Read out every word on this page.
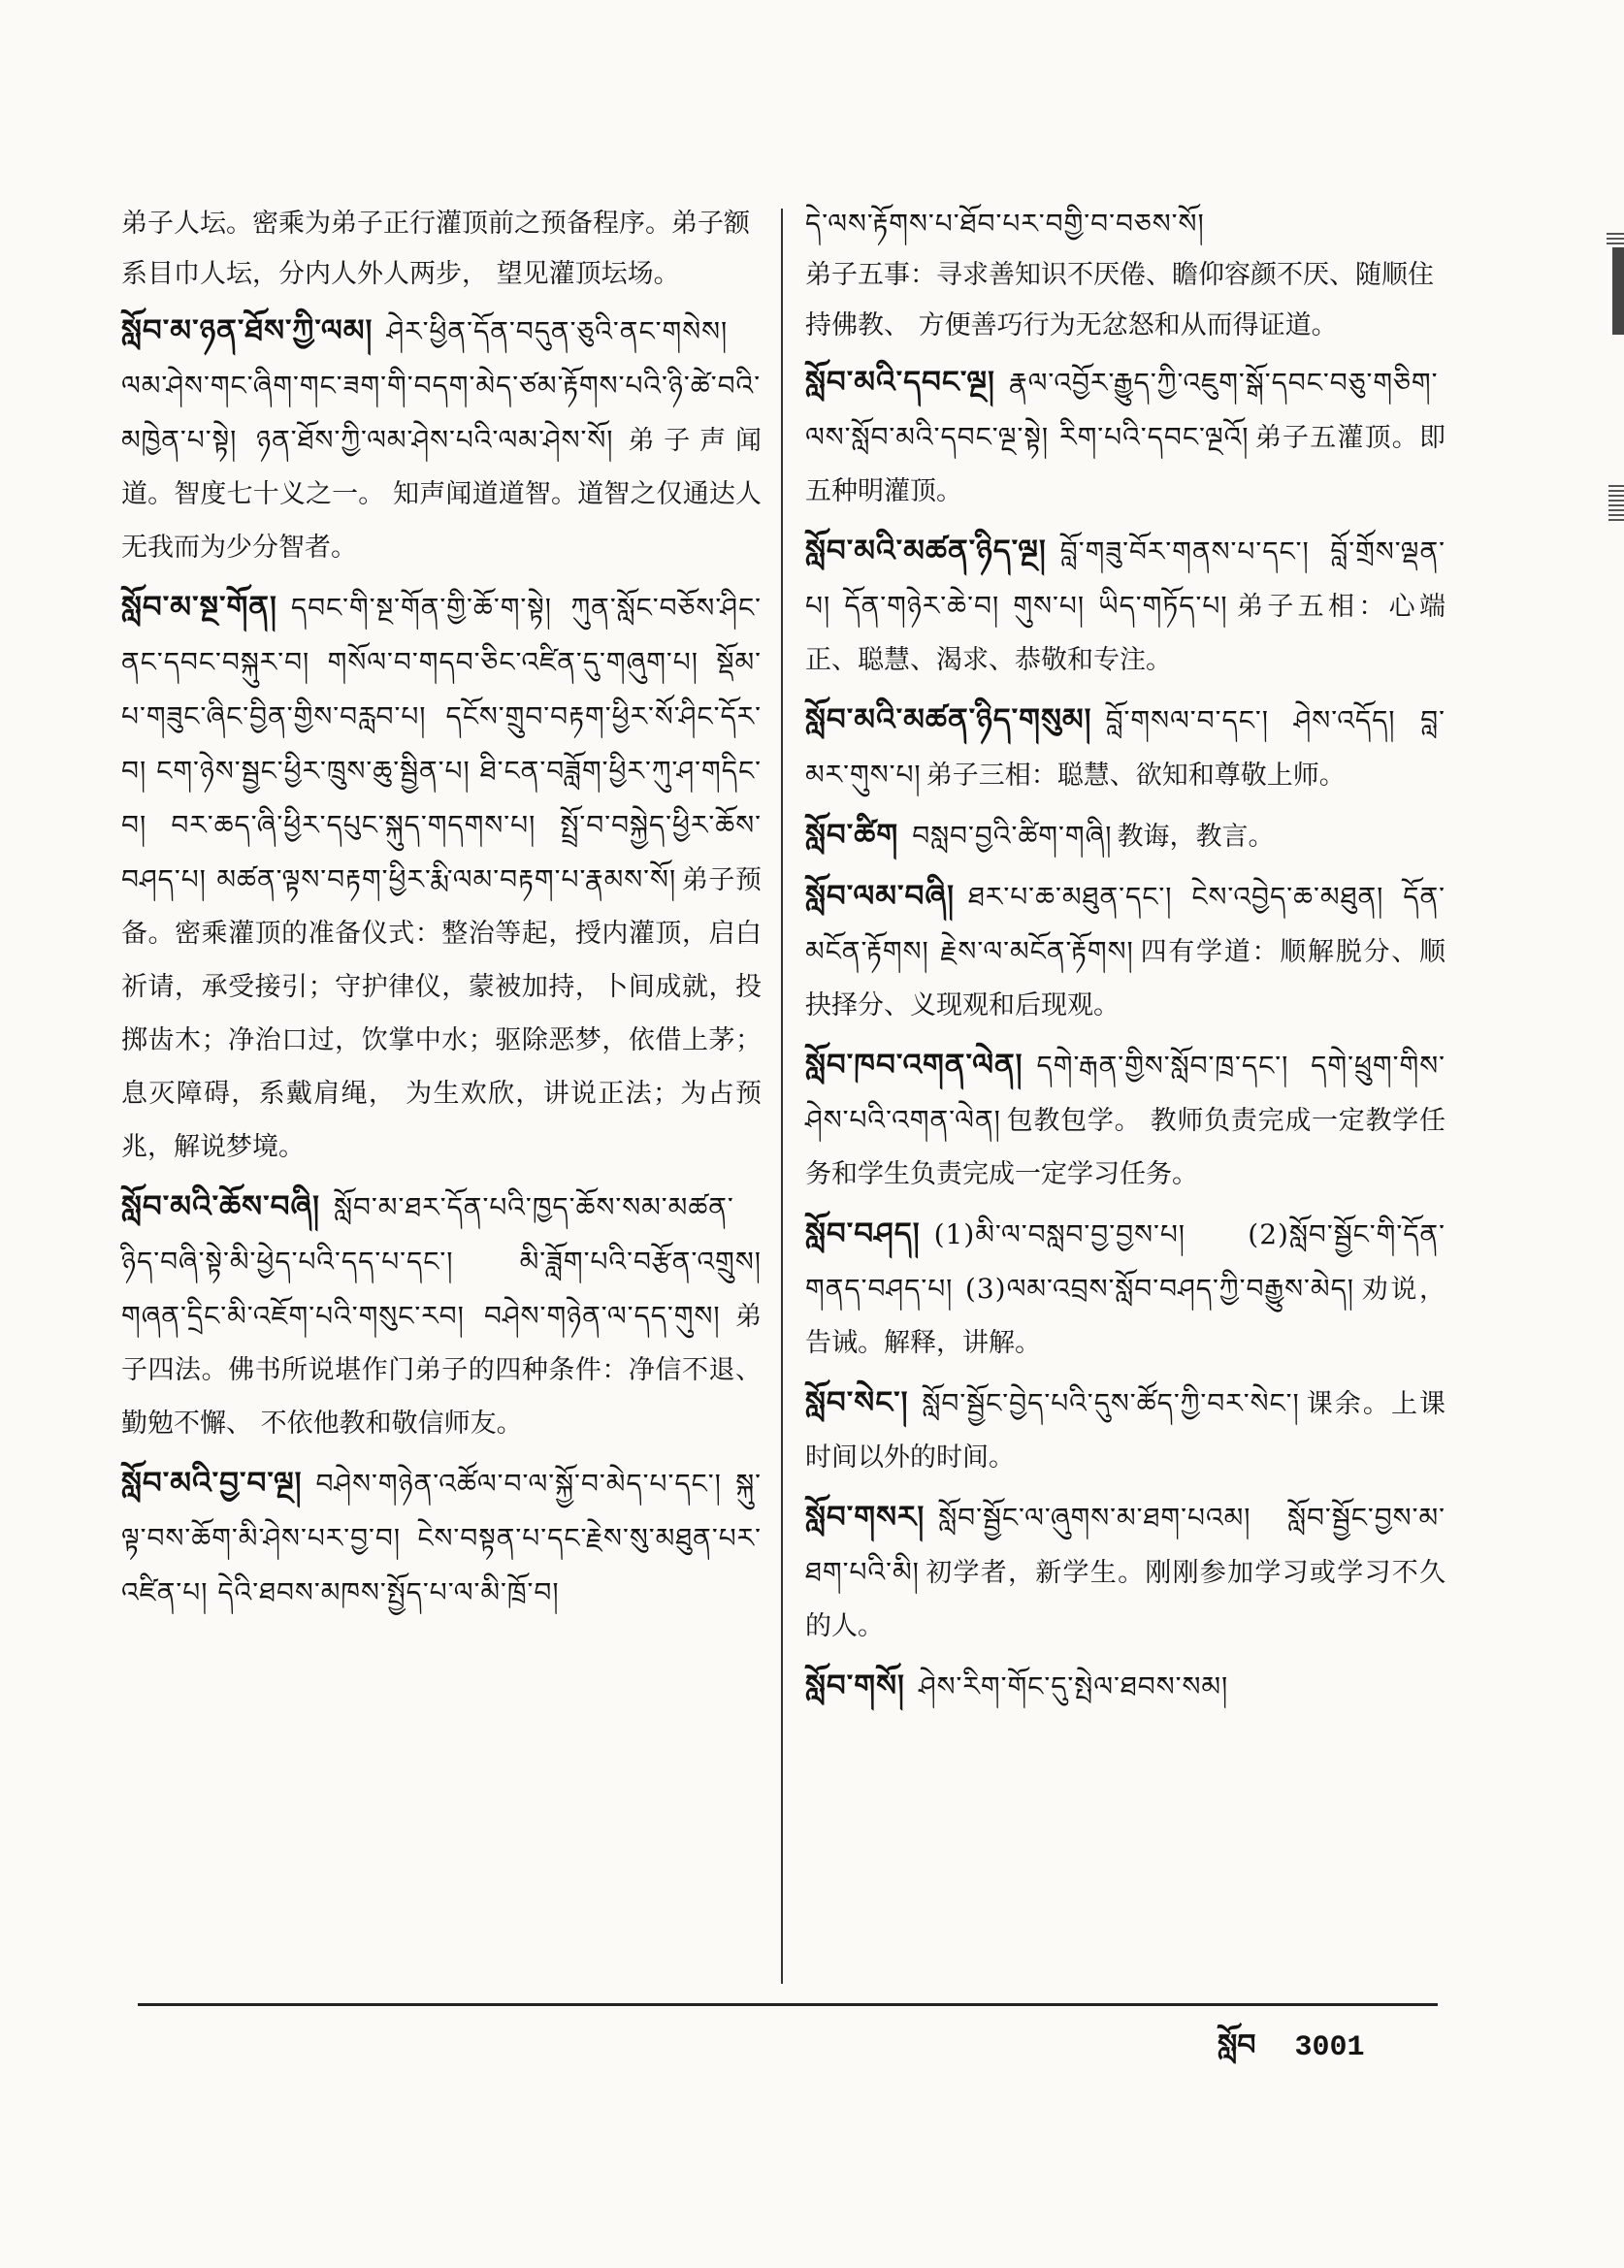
弟子人坛。密乘为弟子正行灌顶前之预备程序。弟子额系目巾人坛，分内人外人两步， 望见灌顶坛场。

སློབ་མ་ཉན་ཐོས་ཀྱི་ལམ། ཤེར་ཕྱིན་དོན་བདུན་ཅུའི་ནང་གསེས། ལམ་ཤེས་གང་ཞིག་གང་ཟག་གི་བདག་མེད་ཙམ་རྟོགས་པའི་ཉི་ཚེ་བའི་མཁྱེན་པ་སྟེ། ཉན་ཐོས་ཀྱི་ལམ་ཤེས་པའི་ལམ་ཤེས་སོ། 弟子声闻道。智度七十义之一。 知声闻道道智。道智之仅通达人无我而为少分智者。

སློབ་མ་སྔ་གོན། དབང་གི་སྔ་གོན་གྱི་ཆོ་ག་སྟེ། ཀུན་སློང་བཅོས་ཤིང་ནང་དབང་བསྐུར་བ། གསོལ་བ་གདབ་ཅིང་འཛིན་དུ་གཞུག་པ། སྡོམ་པ་གཟུང་ཞིང་བྱིན་གྱིས་བརླབ་པ། དངོས་གྲུབ་བརྟག་ཕྱིར་སོ་ཤིང་དོར་བ། ངག་ཉེས་སྦྱང་ཕྱིར་ཁྲུས་ཆུ་སྦྱིན་པ། ཐི་ངན་བཟློག་ཕྱིར་ཀུ་ཤ་གདིང་བ། བར་ཆད་ཞི་ཕྱིར་དཔུང་སྐུད་གདགས་པ། སྤྲོ་བ་བསྐྱེད་ཕྱིར་ཆོས་བཤད་པ། མཚན་ལྟས་བརྟག་ཕྱིར་རྨི་ལམ་བརྟག་པ་རྣམས་སོ། 弟子预备。密乘灌顶的准备仪式：整治等起，授内灌顶，启白祈请，承受接引；守护律仪，蒙被加持，卜间成就，投掷齿木；净治口过，饮掌中水；驱除恶梦，依借上茅；息灭障碍，系戴肩绳， 为生欢欣，讲说正法；为占预兆，解说梦境。

སློབ་མའི་ཆོས་བཞི། སློབ་མ་ཐར་དོན་པའི་ཁྱད་ཆོས་སམ་མཚན་ཉིད་བཞི་སྟེ་མི་ཕྱེད་པའི་དད་པ་དང་། མི་ཟློག་པའི་བརྩོན་འགྲུས། གཞན་དྲིང་མི་འཇོག་པའི་གསུང་རབ། བཤེས་གཉེན་ལ་དད་གུས། 弟子四法。佛书所说堪作门弟子的四种条件：净信不退、勤勉不懈、 不依他教和敬信师友。

སློབ་མའི་བྱ་བ་ལྔ། བཤེས་གཉེན་འཚོལ་བ་ལ་སྐྱོ་བ་མེད་པ་དང་། སྐུ་ལྟ་བས་ཆོག་མི་ཤེས་པར་བྱ་བ། ངེས་བསྟན་པ་དང་རྗེས་སུ་མཐུན་པར་འཛིན་པ། དེའི་ཐབས་མཁས་སྤྱོད་པ་ལ་མི་ཁྲོ་བ།

དེ་ལས་རྟོགས་པ་ཐོབ་པར་བགྱི་བ་བཅས་སོ།
弟子五事：寻求善知识不厌倦、瞻仰容颜不厌、随顺住持佛教、 方便善巧行为无忿怒和从而得证道。

སློབ་མའི་དབང་ལྔ། རྣལ་འབྱོར་རྒྱུད་ཀྱི་འཇུག་སྒོ་དབང་བཅུ་གཅིག་ལས་སློབ་མའི་དབང་ལྔ་སྟེ། རིག་པའི་དབང་ལྔའོ། 弟子五灌顶。即五种明灌顶。

སློབ་མའི་མཚན་ཉིད་ལྔ། བློ་གཟུ་བོར་གནས་པ་དང་། བློ་གྲོས་ལྡན་པ། དོན་གཉེར་ཆེ་བ། གུས་པ། ཡིད་གཏོད་པ། 弟子五相：心端正、聪慧、渴求、恭敬和专注。

སློབ་མའི་མཚན་ཉིད་གསུམ། བློ་གསལ་བ་དང་། ཤེས་འདོད། བླ་མར་གུས་པ། 弟子三相：聪慧、欲知和尊敬上师。

སློབ་ཚིག བསླབ་བྱའི་ཚིག་གཞི། 教诲，教言。

སློབ་ལམ་བཞི། ཐར་པ་ཆ་མཐུན་དང་། ངེས་འབྱེད་ཆ་མཐུན། དོན་མངོན་རྟོགས། རྗེས་ལ་མངོན་རྟོགས། 四有学道：顺解脱分、顺抉择分、义现观和后现观。

སློབ་ཁབ་འགན་ལེན། དགེ་རྒན་གྱིས་སློབ་ཁྲ་དང་། དགེ་ཕྲུག་གིས་ཤེས་པའི་འགན་ལེན། 包教包学。 教师负责完成一定教学任务和学生负责完成一定学习任务。

སློབ་བཤད། (1)མི་ལ་བསླབ་བྱ་བྱས་པ། (2)སློབ་སྦྱོང་གི་དོན་གནད་བཤད་པ། (3)ལམ་འབྲས་སློབ་བཤད་ཀྱི་བརྒྱུས་མེད། 劝说，告诫。解释，讲解。

སློབ་སེང་། སློབ་སྦྱོང་བྱེད་པའི་དུས་ཚོད་ཀྱི་བར་སེང་། 课余。上课时间以外的时间。

སློབ་གསར། སློབ་སྦྱོང་ལ་ཞུགས་མ་ཐག་པའམ། སློབ་སྦྱོང་བྱས་མ་ཐག་པའི་མི། 初学者，新学生。刚刚参加学习或学习不久的人。

སློབ་གསོ། ཤེས་རིག་གོང་དུ་སྤེལ་ཐབས་སམ།

སློབ 3001
